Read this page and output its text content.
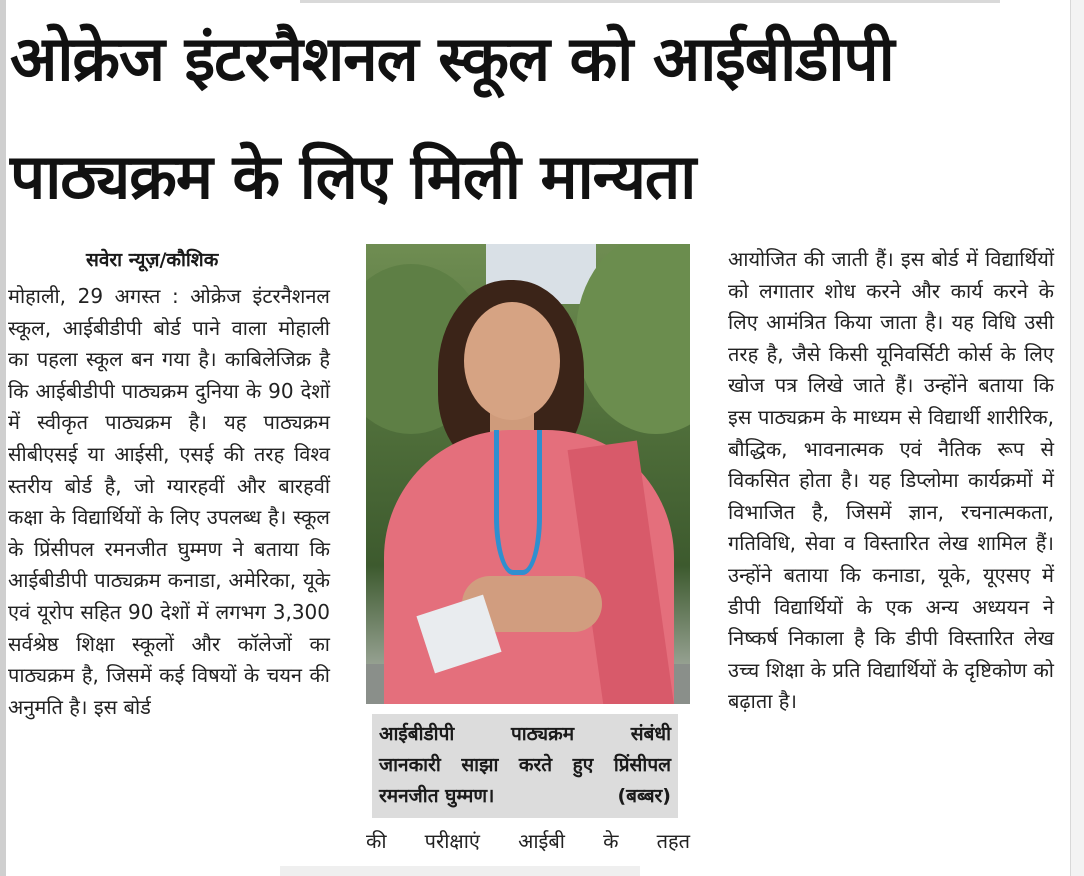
ओक्रेज इंटरनैशनल स्कूल को आईबीडीपी
पाठ्यक्रम के लिए मिली मान्यता
सवेरा न्यूज़/कौशिक
मोहाली, 29 अगस्त : ओक्रेज इंटरनैशनल स्कूल, आईबीडीपी बोर्ड पाने वाला मोहाली का पहला स्कूल बन गया है। काबिलेजिक्र है कि आईबीडीपी पाठ्यक्रम दुनिया के 90 देशों में स्वीकृत पाठ्यक्रम है। यह पाठ्यक्रम सीबीएसई या आईसी, एसई की तरह विश्व स्तरीय बोर्ड है, जो ग्यारहवीं और बारहवीं कक्षा के विद्यार्थियों के लिए उपलब्ध है। स्कूल के प्रिंसीपल रमनजीत घुम्मण ने बताया कि आईबीडीपी पाठ्यक्रम कनाडा, अमेरिका, यूके एवं यूरोप सहित 90 देशों में लगभग 3,300 सर्वश्रेष्ठ शिक्षा स्कूलों और कॉलेजों का पाठ्यक्रम है, जिसमें कई विषयों के चयन की अनुमति है। इस बोर्ड
आईबीडीपी पाठ्यक्रम संबंधी
जानकारी साझा करते हुए प्रिंसीपल
रमनजीत घुम्मण।	(बब्बर)
की परीक्षाएं आईबी के तहत
आयोजित की जाती हैं। इस बोर्ड में विद्यार्थियों को लगातार शोध करने और कार्य करने के लिए आमंत्रित किया जाता है। यह विधि उसी तरह है, जैसे किसी यूनिवर्सिटी कोर्स के लिए खोज पत्र लिखे जाते हैं। उन्होंने बताया कि इस पाठ्यक्रम के माध्यम से विद्यार्थी शारीरिक, बौद्धिक, भावनात्मक एवं नैतिक रूप से विकसित होता है। यह डिप्लोमा कार्यक्रमों में विभाजित है, जिसमें ज्ञान, रचनात्मकता, गतिविधि, सेवा व विस्तारित लेख शामिल हैं। उन्होंने बताया कि कनाडा, यूके, यूएसए में डीपी विद्यार्थियों के एक अन्य अध्ययन ने निष्कर्ष निकाला है कि डीपी विस्तारित लेख उच्च शिक्षा के प्रति विद्यार्थियों के दृष्टिकोण को बढ़ाता है।
